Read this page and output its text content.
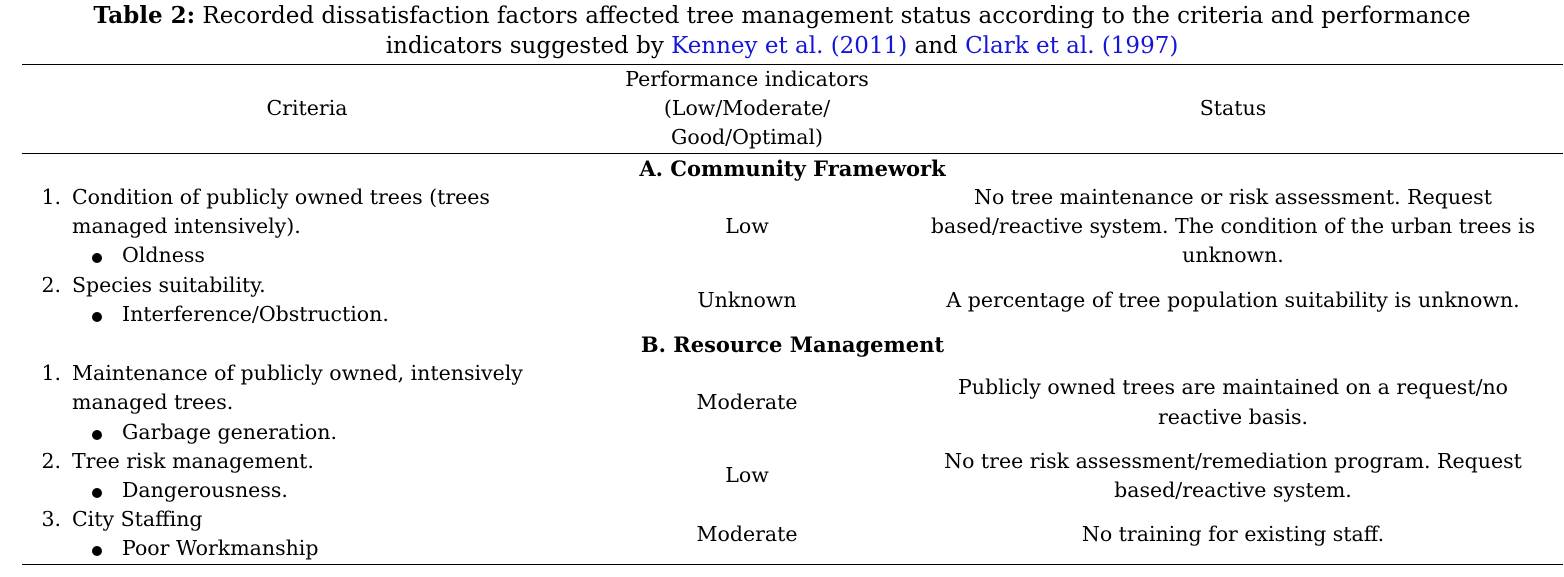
Table 2: Recorded dissatisfaction factors affected tree management status according to the criteria and performance
indicators suggested by Kenney et al. (2011) and Clark et al. (1997)
Criteria
Performance indicators
(Low/Moderate/
Good/Optimal)
Status
A. Community Framework
1. Condition of publicly owned trees (trees
managed intensively).
Oldness
Low
No tree maintenance or risk assessment. Request
based/reactive system. The condition of the urban trees is
unknown.
2. Species suitability.
Interference/Obstruction.
Unknown	A percentage of tree population suitability is unknown.
B. Resource Management
1. Maintenance of publicly owned, intensively
managed trees.
Garbage generation.
Moderate
Publicly owned trees are maintained on a request/no
reactive basis.
2. Tree risk management.
Dangerousness.
Low
No tree risk assessment/remediation program. Request
based/reactive system.
3. City Staffing
Poor Workmanship
Moderate	No training for existing staff.
